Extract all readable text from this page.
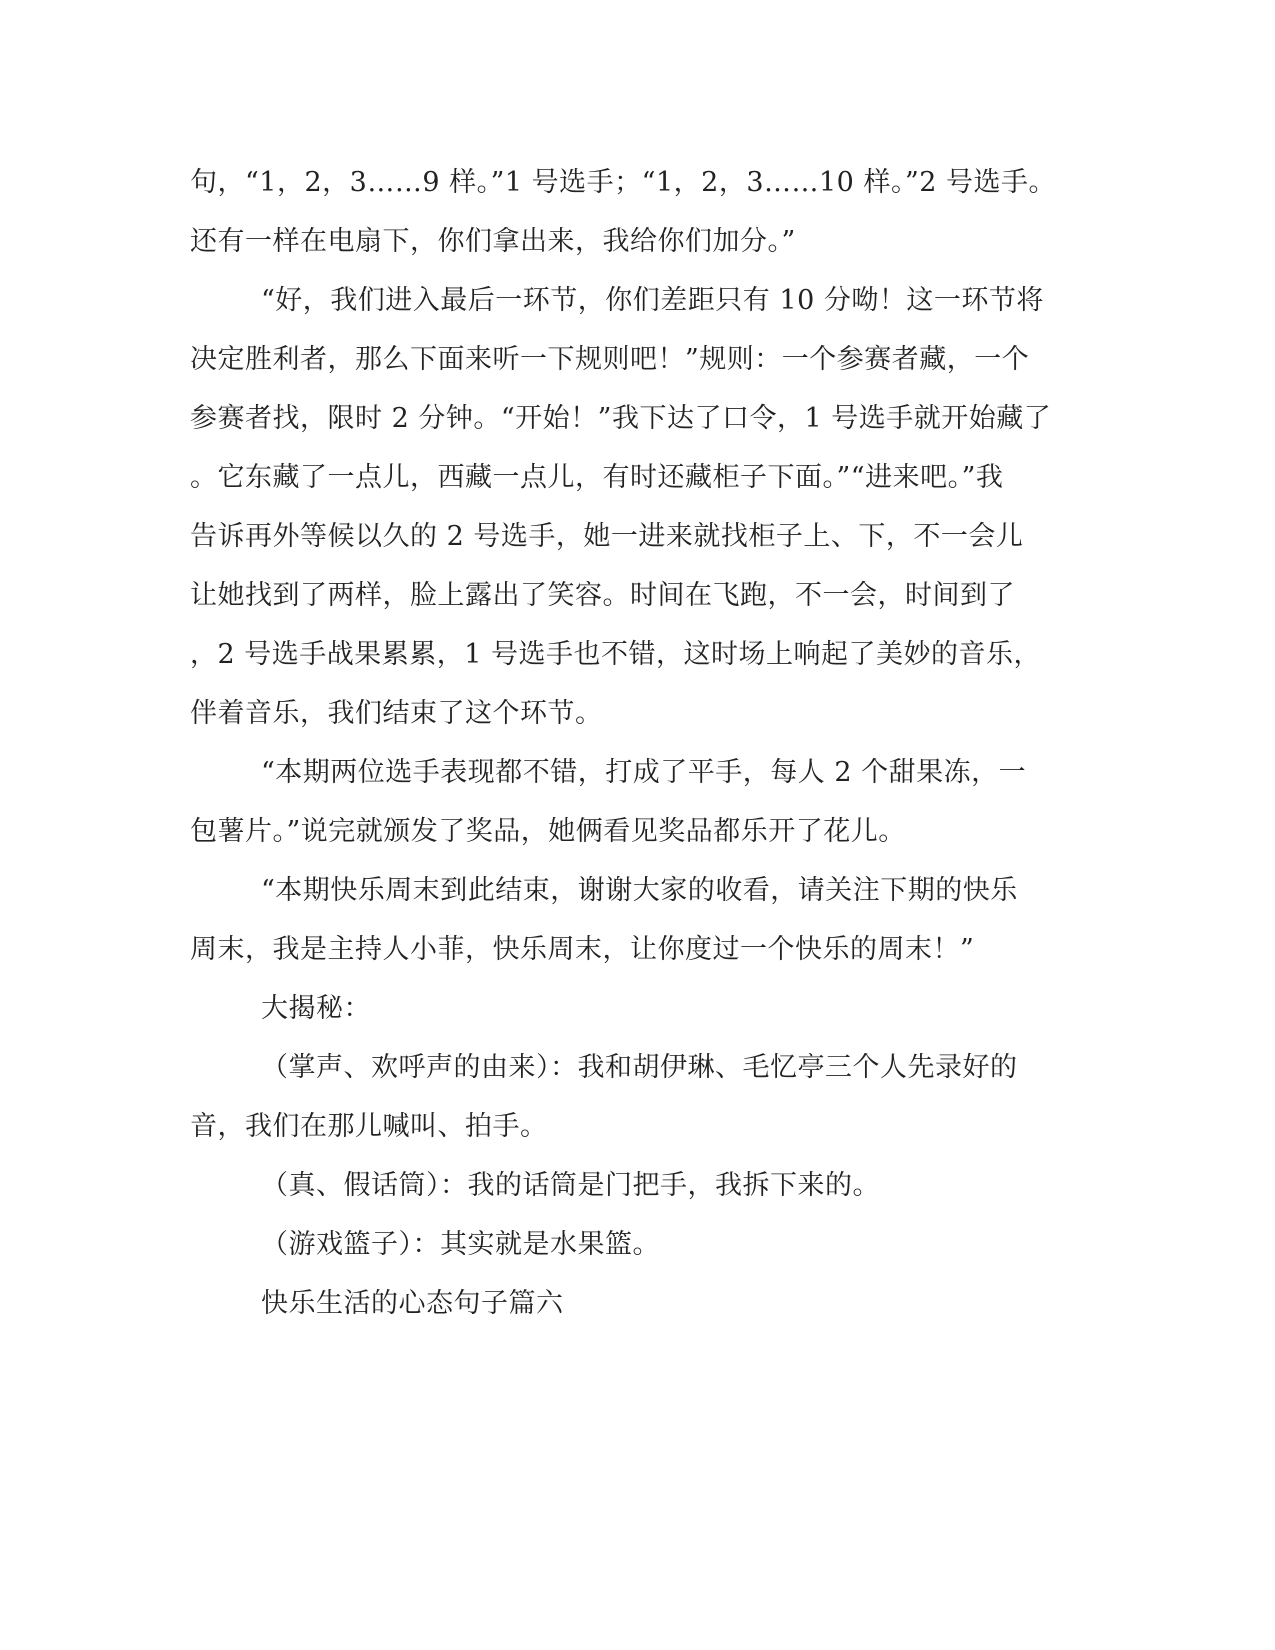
句，“1，2，3……9 样。”1 号选手；“1，2，3……10 样。”2 号选手。
还有一样在电扇下，你们拿出来，我给你们加分。”
“好，我们进入最后一环节，你们差距只有 10 分呦！这一环节将
决定胜利者，那么下面来听一下规则吧！”规则：一个参赛者藏，一个
参赛者找，限时 2 分钟。“开始！”我下达了口令，1 号选手就开始藏了
。它东藏了一点儿，西藏一点儿，有时还藏柜子下面。”“进来吧。”我
告诉再外等候以久的 2 号选手，她一进来就找柜子上、下，不一会儿
让她找到了两样，脸上露出了笑容。时间在飞跑，不一会，时间到了
，2 号选手战果累累，1 号选手也不错，这时场上响起了美妙的音乐，
伴着音乐，我们结束了这个环节。
“本期两位选手表现都不错，打成了平手，每人 2 个甜果冻，一
包薯片。”说完就颁发了奖品，她俩看见奖品都乐开了花儿。
“本期快乐周末到此结束，谢谢大家的收看，请关注下期的快乐
周末，我是主持人小菲，快乐周末，让你度过一个快乐的周末！”
大揭秘：
（掌声、欢呼声的由来）：我和胡伊琳、毛忆亭三个人先录好的
音，我们在那儿喊叫、拍手。
（真、假话筒）：我的话筒是门把手，我拆下来的。
（游戏篮子）：其实就是水果篮。
快乐生活的心态句子篇六
